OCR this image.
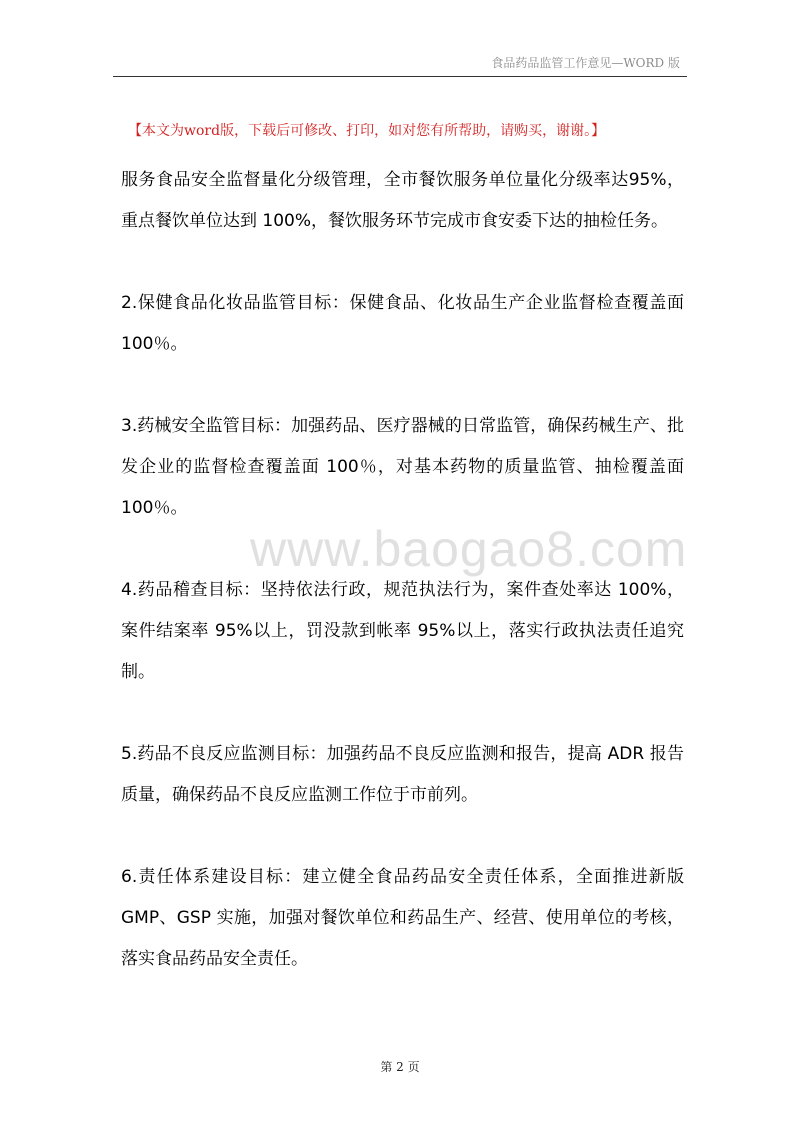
食品药品监管工作意见—WORD 版
【本文为word版，下载后可修改、打印，如对您有所帮助，请购买，谢谢。】

服务食品安全监督量化分级管理，全市餐饮服务单位量化分级率达95%，重点餐饮单位达到 100%，餐饮服务环节完成市食安委下达的抽检任务。

2.保健食品化妆品监管目标：保健食品、化妆品生产企业监督检查覆盖面 100％。

3.药械安全监管目标：加强药品、医疗器械的日常监管，确保药械生产、批发企业的监督检查覆盖面 100％，对基本药物的质量监管、抽检覆盖面 100％。

4.药品稽查目标：坚持依法行政，规范执法行为，案件查处率达 100%，案件结案率 95%以上，罚没款到帐率 95%以上，落实行政执法责任追究制。

5.药品不良反应监测目标：加强药品不良反应监测和报告，提高 ADR 报告质量，确保药品不良反应监测工作位于市前列。

6.责任体系建设目标：建立健全食品药品安全责任体系，全面推进新版 GMP、GSP 实施，加强对餐饮单位和药品生产、经营、使用单位的考核，落实食品药品安全责任。

www.baogao8.com
第 2 页
